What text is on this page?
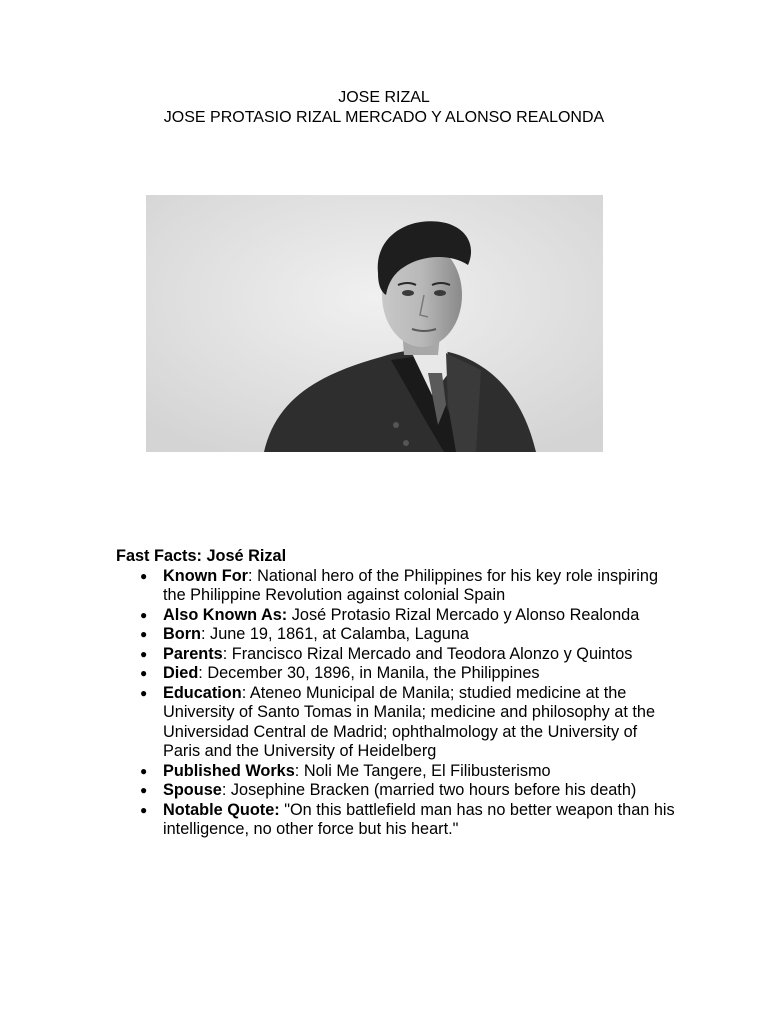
JOSE RIZAL
JOSE PROTASIO RIZAL MERCADO Y ALONSO REALONDA
Fast Facts: José Rizal
● Known For: National hero of the Philippines for his key role inspiring the Philippine Revolution against colonial Spain
● Also Known As: José Protasio Rizal Mercado y Alonso Realonda
● Born: June 19, 1861, at Calamba, Laguna
● Parents: Francisco Rizal Mercado and Teodora Alonzo y Quintos
● Died: December 30, 1896, in Manila, the Philippines
● Education: Ateneo Municipal de Manila; studied medicine at the University of Santo Tomas in Manila; medicine and philosophy at the Universidad Central de Madrid; ophthalmology at the University of Paris and the University of Heidelberg
● Published Works: Noli Me Tangere, El Filibusterismo
● Spouse: Josephine Bracken (married two hours before his death)
● Notable Quote: "On this battlefield man has no better weapon than his intelligence, no other force but his heart."
